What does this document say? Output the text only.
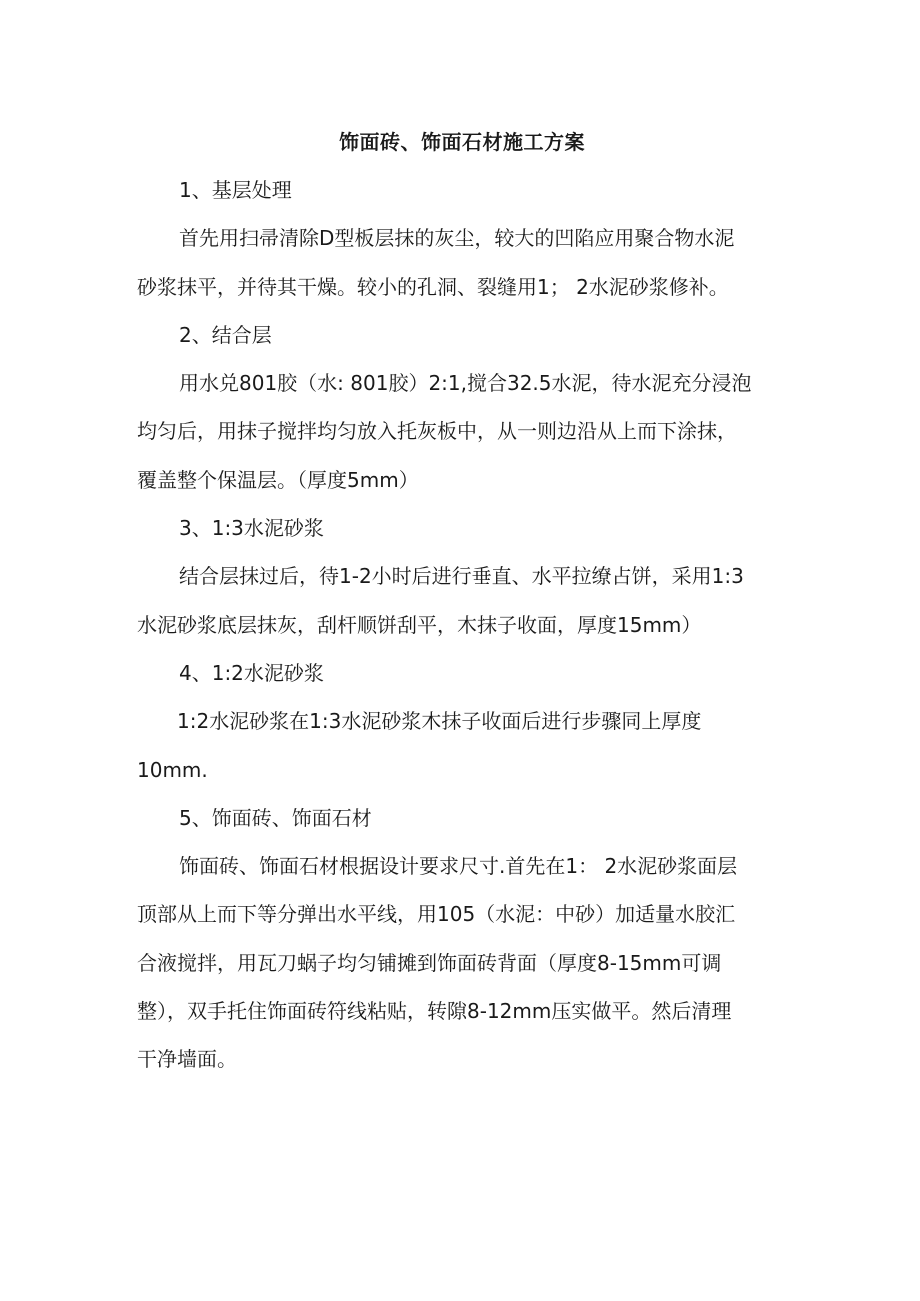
饰面砖、饰面石材施工方案
1、基层处理
首先用扫帚清除D型板层抹的灰尘，较大的凹陷应用聚合物水泥
砂浆抹平，并待其干燥。较小的孔洞、裂缝用1； 2水泥砂浆修补。
2、结合层
用水兑801胶（水: 801胶）2:1,搅合32.5水泥，待水泥充分浸泡
均匀后，用抹子搅拌均匀放入托灰板中，从一则边沿从上而下涂抹，
覆盖整个保温层。（厚度5mm）
3、1:3水泥砂浆
结合层抹过后，待1-2小时后进行垂直、水平拉缭占饼，采用1:3
水泥砂浆底层抹灰，刮杆顺饼刮平，木抹子收面，厚度15mm）
4、1:2水泥砂浆
1:2水泥砂浆在1:3水泥砂浆木抹子收面后进行步骤同上厚度
10mm.
5、饰面砖、饰面石材
饰面砖、饰面石材根据设计要求尺寸.首先在1： 2水泥砂浆面层
顶部从上而下等分弹出水平线，用105（水泥：中砂）加适量水胶汇
合液搅拌，用瓦刀蜗子均匀铺摊到饰面砖背面（厚度8-15mm可调
整），双手托住饰面砖符线粘贴，转隙8-12mm压实做平。然后清理
干净墙面。
